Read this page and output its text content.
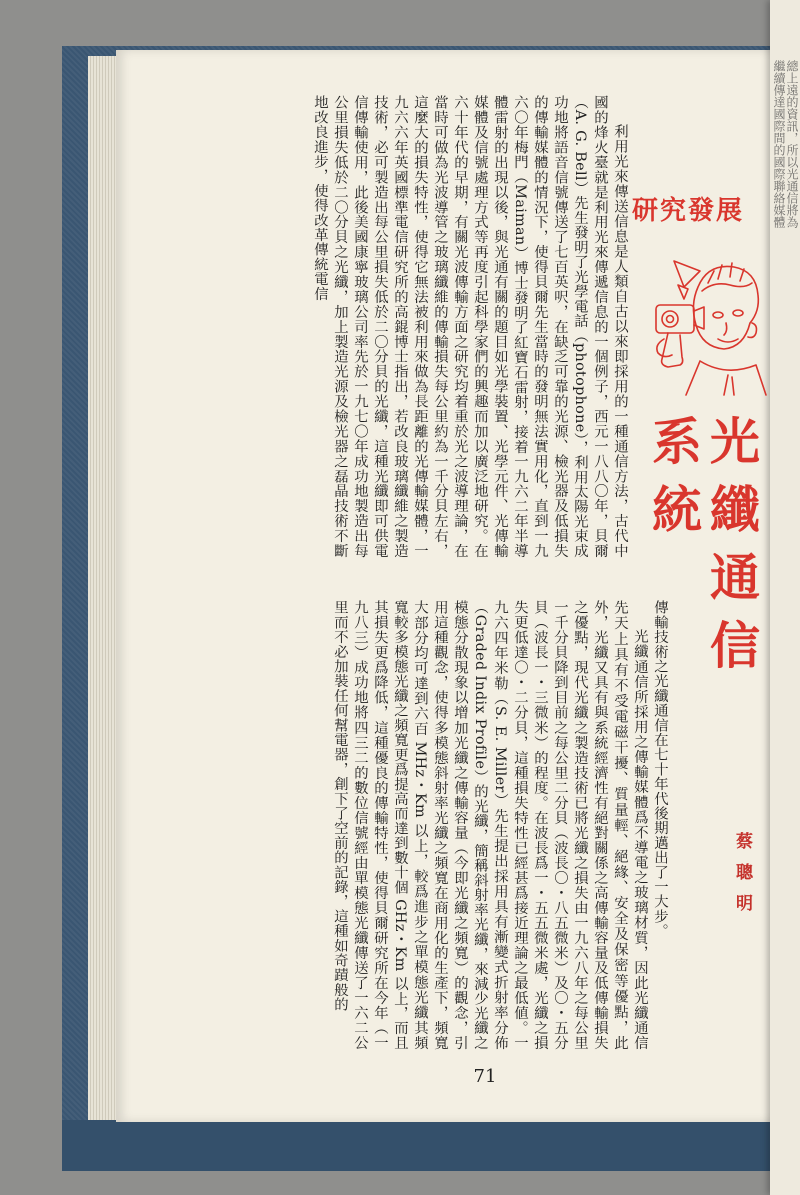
總上遠的資訊，所以光通信將為
繼續傳達國際間的國際聯絡媒體
研究發展
光纖通信系統
蔡聰明

利用光來傳送信息是人類自古以來即採用的一種通信方法，古代中國的烽火臺就是利用光來傳遞信息的一個例子，西元一八八〇年，貝爾（A. G. Bell）先生發明了光學電話（photophone），利用太陽光束成功地將語音信號傳送了七百英呎，在缺乏可靠的光源、檢光器及低損失的傳輸媒體的情況下，使得貝爾先生當時的發明無法實用化，直到一九六〇年梅門（Maiman）博士發明了紅寶石雷射，接着一九六二年半導體雷射的出現以後，與光通有關的題目如光學裝置、光學元件、光傳輸媒體及信號處理方式等再度引起科學家們的興趣而加以廣泛地研究。在六十年代的早期，有關光波傳輸方面之研究均着重於光之波導理論，在當時可做為光波導管之玻璃纖維的傳輸損失每公里約為一千分貝左右，這麼大的損失特性，使得它無法被利用來做為長距離的光傳輸媒體，一九六六年英國標準電信研究所的高錕博士指出，若改良玻璃纖維之製造技術，必可製造出每公里損失低於二〇分貝的光纖，這種光纖即可供電信傳輸使用，此後美國康寧玻璃公司率先於一九七〇年成功地製造出每公里損失低於二〇分貝之光纖，加上製造光源及檢光器之磊晶技術不斷地改良進步，使得改革傳統電信

傳輸技術之光纖通信在七十年代後期邁出了一大步。

光纖通信所採用之傳輸媒體爲不導電之玻璃材質，因此光纖通信先天上具有不受電磁干擾、質量輕、絕緣、安全及保密等優點，此外，光纖又具有與系統經濟性有絕對關係之高傳輸容量及低傳輸損失之優點，現代光纖之製造技術已將光纖之損失由一九六八年之每公里一千分貝降到目前之每公里二分貝（波長〇・八五微米）及〇・五分貝（波長一・三微米）的程度。在波長爲一・五五微米處，光纖之損失更低達〇・二分貝，這種損失特性已經甚爲接近理論之最低値。一九六四年米勒（S. E. Miller）先生提出採用具有漸變式折射率分佈（Graded Indix Profile）的光纖，簡稱斜射率光纖，來減少光纖之模態分散現象以增加光纖之傳輸容量（今即光纖之頻寬）的觀念，引用這種觀念，使得多模態斜射率光纖之頻寬在商用化的生產下，頻寬大部分均可達到六百 MHz・Km 以上，較爲進步之單模態光纖其頻寬較多模態光纖之頻寬更爲提高而達到數十個 GHz・Km 以上，而且其損失更爲降低，這種優良的傳輸特性，使得貝爾研究所在今年（一九八三）成功地將四三二的數位信號經由單模態光纖傳送了一六二公里而不必加裝任何幫電器，創下了空前的記錄，這種如奇蹟般的

71
